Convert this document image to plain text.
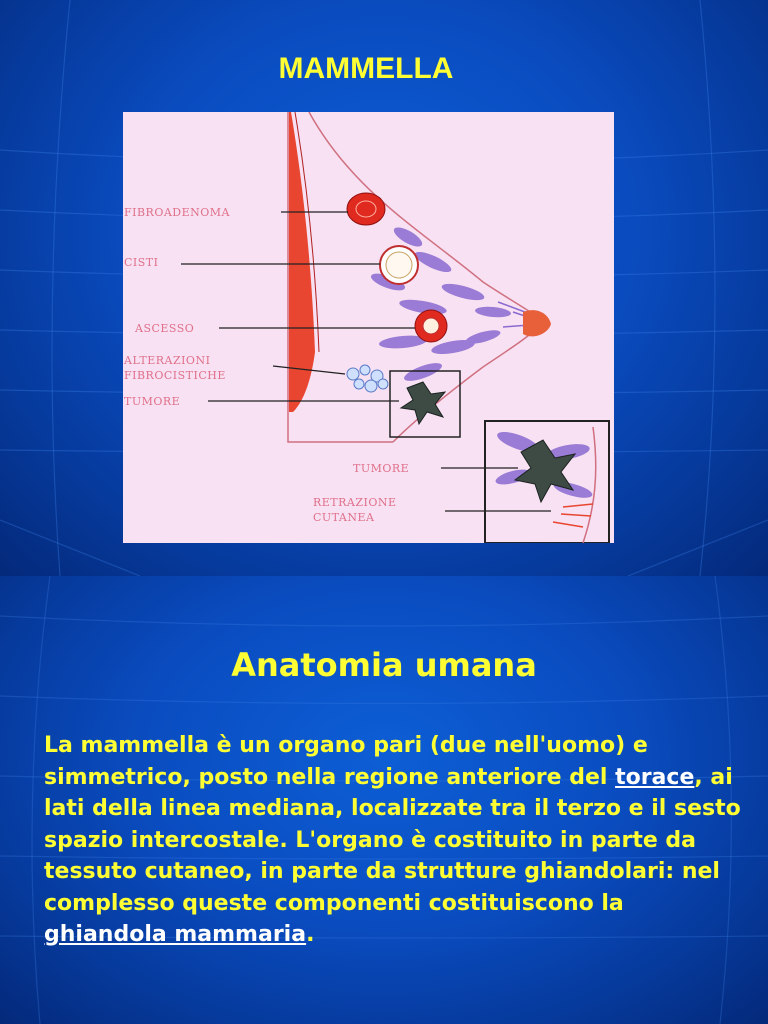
MAMMELLA
FIBROADENOMA
CISTI
ASCESSO
ALTERAZIONI
FIBROCISTICHE
TUMORE
TUMORE
RETRAZIONE
CUTANEA
Anatomia umana
La mammella è un organo pari (due nell'uomo) e simmetrico, posto nella regione anteriore del torace, ai lati della linea mediana, localizzate tra il terzo e il sesto spazio intercostale. L'organo è costituito in parte da tessuto cutaneo, in parte da strutture ghiandolari: nel complesso queste componenti costituiscono la ghiandola mammaria.
